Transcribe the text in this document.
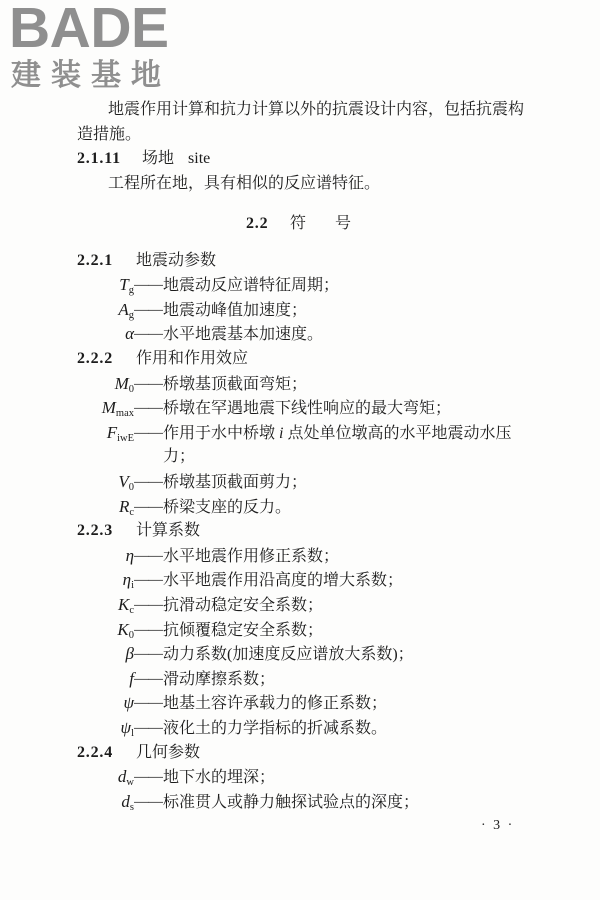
BADE
建装基地
地震作用计算和抗力计算以外的抗震设计内容，包括抗震构
造措施。
2.1.11 场地 site
工程所在地，具有相似的反应谱特征。
2.2 符 号
2.2.1 地震动参数
$T_g——$地震动反应谱特征周期；
$A_g——$地震动峰值加速度；
α——水平地震基本加速度。
2.2.2 作用和作用效应
$M_0——$桥墩基顶截面弯矩；
$M_{max}——$桥墩在罕遇地震下线性响应的最大弯矩；
$F_{iwE}——$作用于水中桥墩 i 点处单位墩高的水平地震动水压
力；
$V_0——$桥墩基顶截面剪力；
$R_c——$桥梁支座的反力。
2.2.3 计算系数
η——水平地震作用修正系数；
$\eta_i——$水平地震作用沿高度的增大系数；
$K_c——$抗滑动稳定安全系数；
$K_0——$抗倾覆稳定安全系数；
β——动力系数(加速度反应谱放大系数)；
f——滑动摩擦系数；
ψ——地基土容许承载力的修正系数；
$\psi_l——$液化土的力学指标的折减系数。
2.2.4 几何参数
$d_w——$地下水的埋深；
$d_s——$标准贯人或静力触探试验点的深度；
· 3 ·
